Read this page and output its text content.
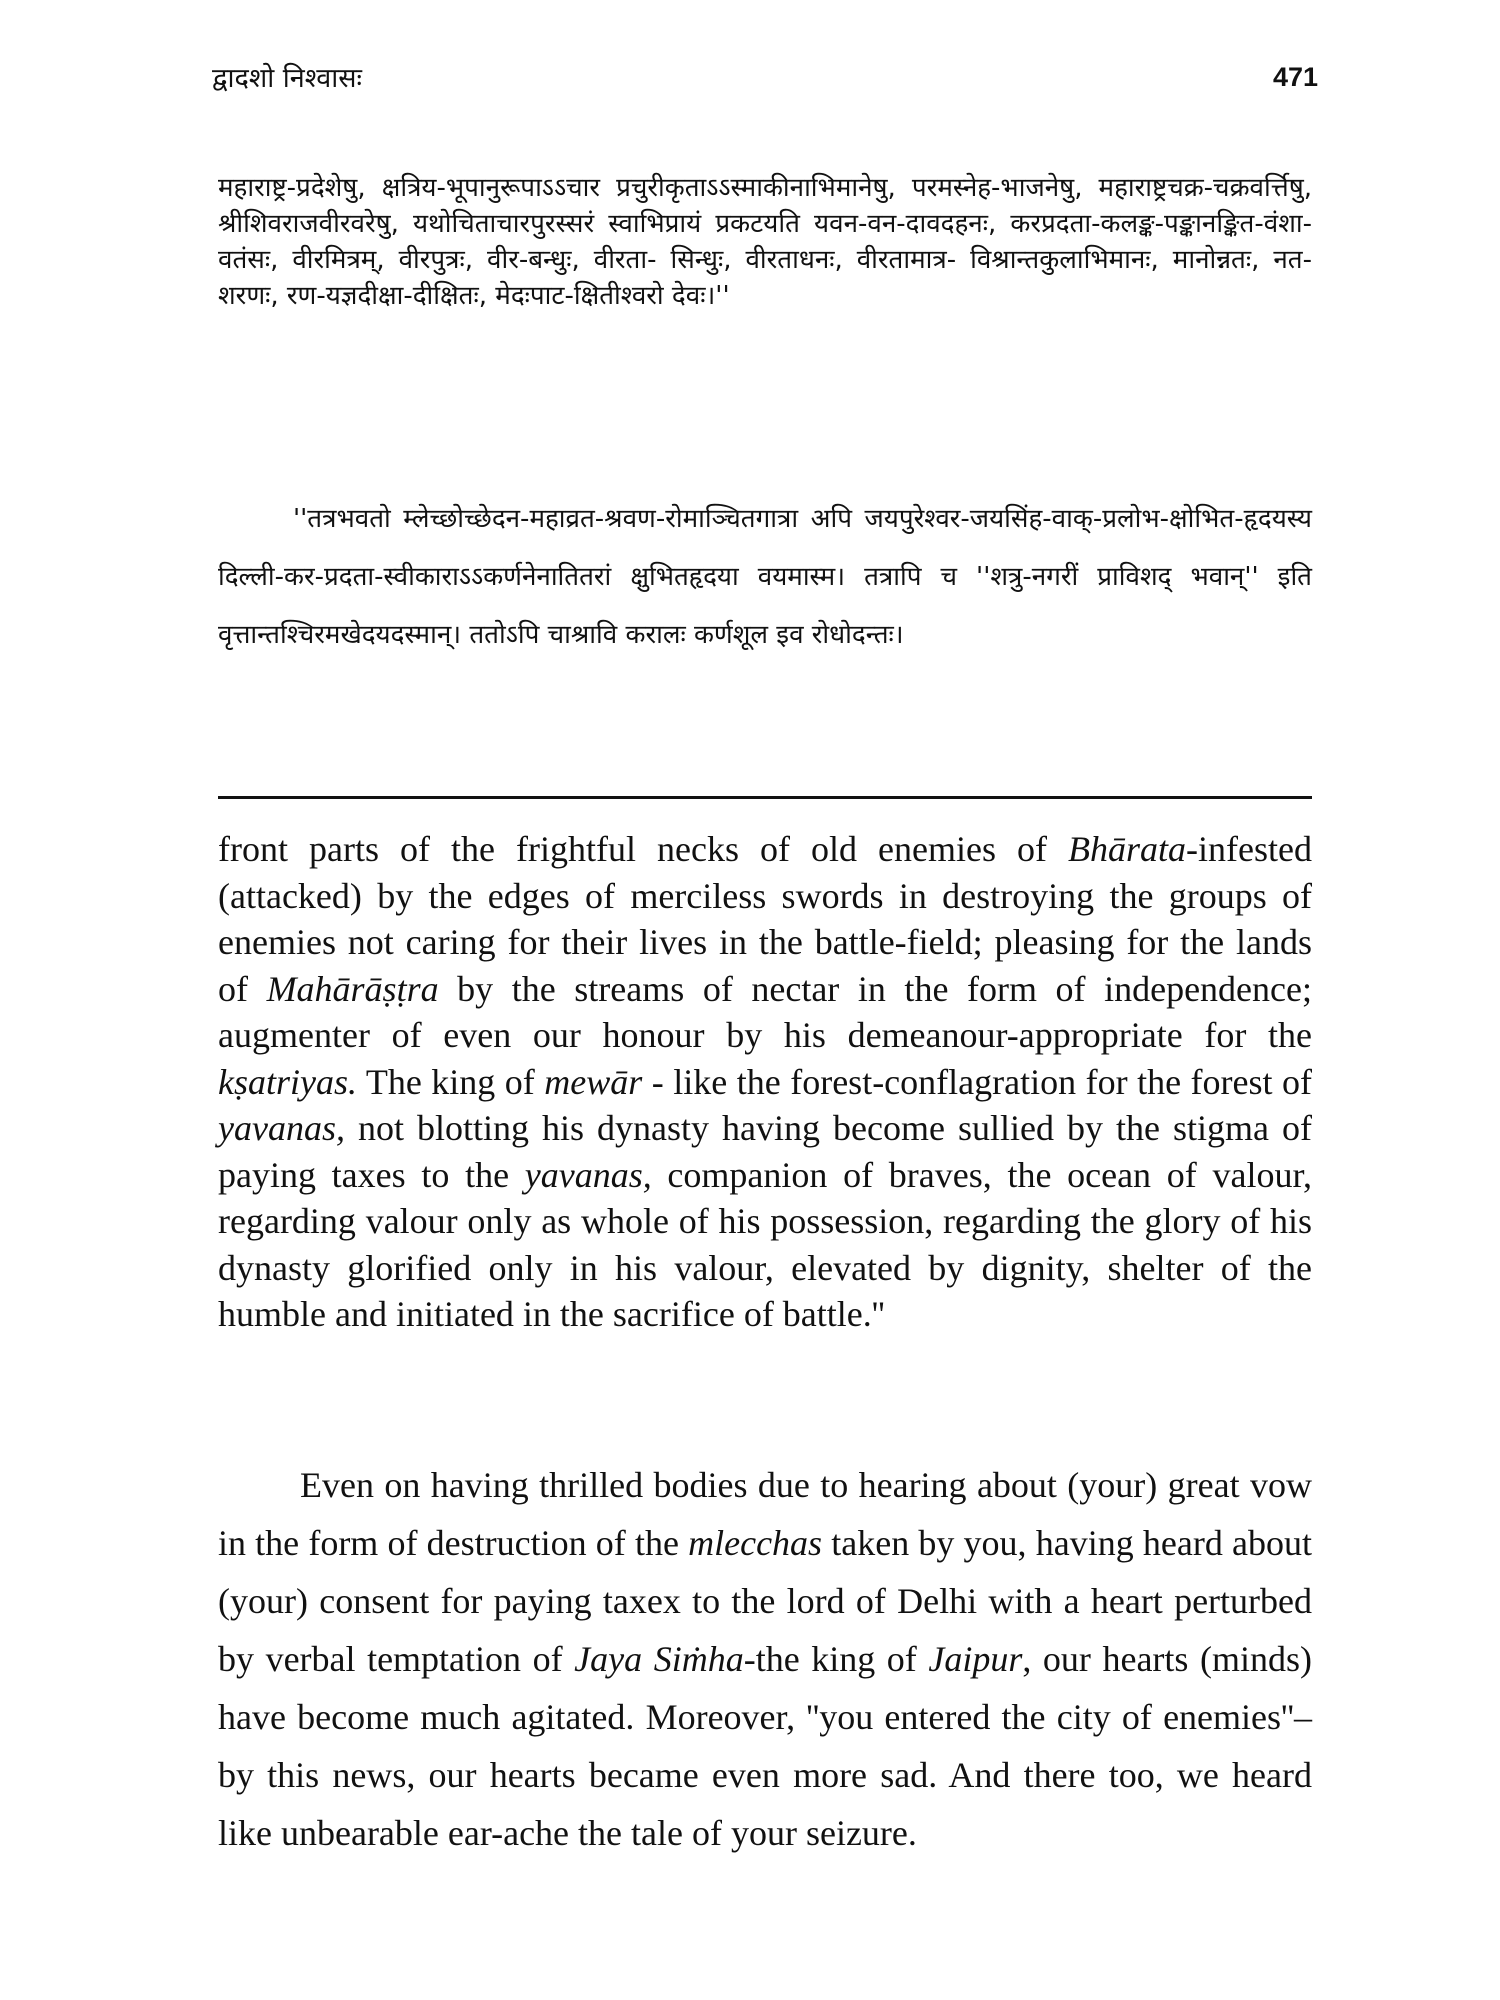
द्वादशो निश्वासः	471

महाराष्ट्र-प्रदेशेषु, क्षत्रिय-भूपानुरूपाऽऽचार प्रचुरीकृताऽऽस्माकीनाभिमानेषु, परमस्नेह-भाजनेषु, महाराष्ट्रचक्र-चक्रवर्त्तिषु, श्रीशिवराजवीरवरेषु, यथोचिताचारपुरस्सरं स्वाभिप्रायं प्रकटयति यवन-वन-दावदहनः, करप्रदता-कलङ्क-पङ्कानङ्कित-वंशा-वतंसः, वीरमित्रम्, वीरपुत्रः, वीर-बन्धुः, वीरता- सिन्धुः, वीरताधनः, वीरतामात्र- विश्रान्तकुलाभिमानः, मानोन्नतः, नत-शरणः, रण-यज्ञदीक्षा-दीक्षितः, मेदःपाट-क्षितीश्वरो देवः।''

''तत्रभवतो म्लेच्छोच्छेदन-महाव्रत-श्रवण-रोमाञ्चितगात्रा अपि जयपुरेश्वर-जयसिंह-वाक्-प्रलोभ-क्षोभित-हृदयस्य दिल्ली-कर-प्रदता-स्वीकाराऽऽकर्णनेनातितरां क्षुभितहृदया वयमास्म। तत्रापि च ''शत्रु-नगरीं प्राविशद् भवान्'' इति वृत्तान्तश्चिरमखेदयदस्मान्। ततोऽपि चाश्रावि करालः कर्णशूल इव रोधोदन्तः।

front parts of the frightful necks of old enemies of Bhārata-infested (attacked) by the edges of merciless swords in destroying the groups of enemies not caring for their lives in the battle-field; pleasing for the lands of Mahārāṣṭra by the streams of nectar in the form of independence; augmenter of even our honour by his demeanour-appropriate for the kṣatriyas. The king of mewār - like the forest-conflagration for the forest of yavanas, not blotting his dynasty having become sullied by the stigma of paying taxes to the yavanas, companion of braves, the ocean of valour, regarding valour only as whole of his possession, regarding the glory of his dynasty glorified only in his valour, elevated by dignity, shelter of the humble and initiated in the sacrifice of battle.''

Even on having thrilled bodies due to hearing about (your) great vow in the form of destruction of the mlecchas taken by you, having heard about (your) consent for paying taxex to the lord of Delhi with a heart perturbed by verbal temptation of Jaya Siṁha-the king of Jaipur, our hearts (minds) have become much agitated. Moreover, ''you entered the city of enemies''–by this news, our hearts became even more sad. And there too, we heard like unbearable ear-ache the tale of your seizure.
